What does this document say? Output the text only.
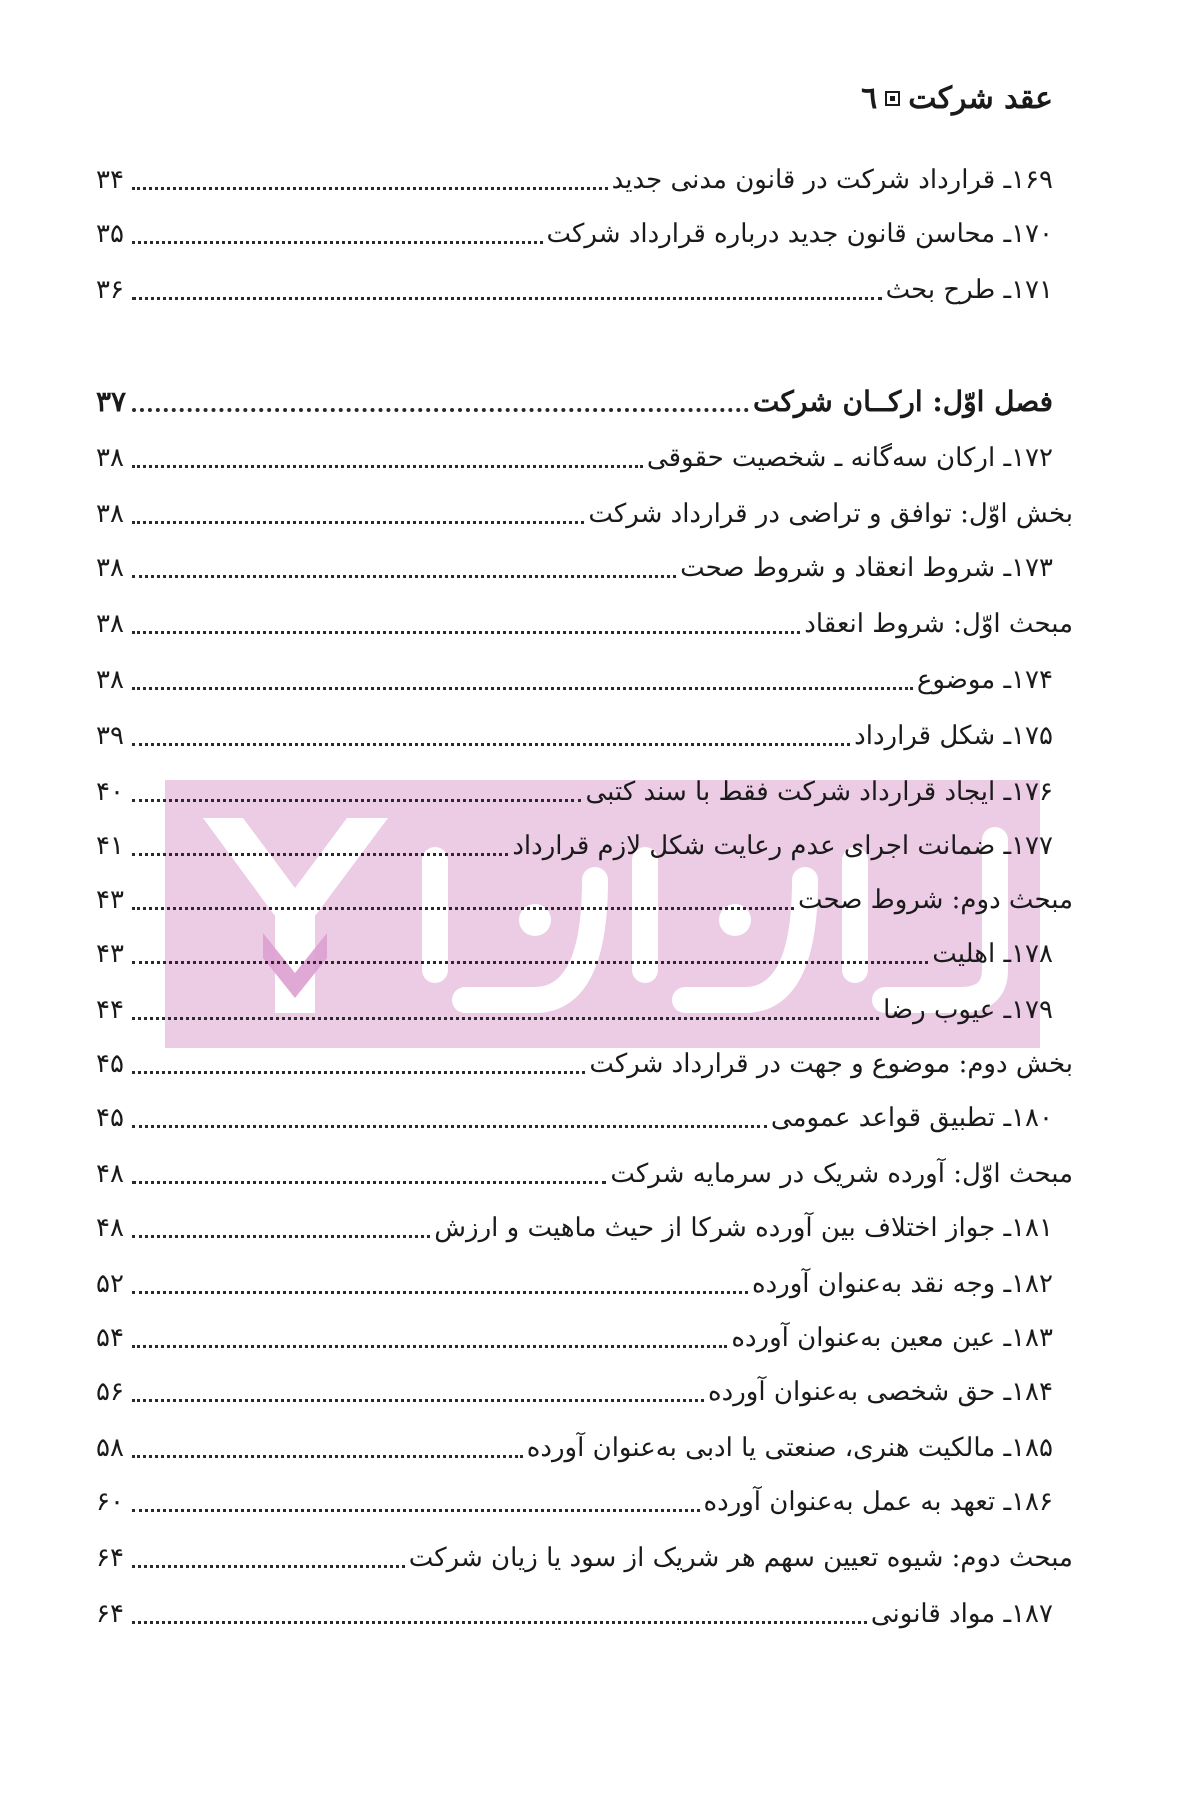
عقد شرکت
٦
۱۶۹ـ قرارداد شرکت در قانون مدنی جدید
۳۴
۱۷۰ـ محاسن قانون جدید درباره قرارداد شرکت
۳۵
۱۷۱ـ طرح بحث
۳۶
فصل اوّل: ارکــان شرکت
۳۷
۱۷۲ـ ارکان سه‌گانه ـ شخصیت حقوقی
۳۸
بخش اوّل: توافق و تراضی در قرارداد شرکت
۳۸
۱۷۳ـ شروط انعقاد و شروط صحت
۳۸
مبحث اوّل: شروط انعقاد
۳۸
۱۷۴ـ موضوع
۳۸
۱۷۵ـ شکل قرارداد
۳۹
۱۷۶ـ ایجاد قرارداد شرکت فقط با سند کتبی
۴۰
۱۷۷ـ ضمانت اجرای عدم رعایت شکل لازم قرارداد
۴۱
مبحث دوم: شروط صحت
۴۳
۱۷۸ـ اهلیت
۴۳
۱۷۹ـ عیوب رضا
۴۴
بخش دوم: موضوع و جهت در قرارداد شرکت
۴۵
۱۸۰ـ تطبیق قواعد عمومی
۴۵
مبحث اوّل: آورده شریک در سرمایه شرکت
۴۸
۱۸۱ـ جواز اختلاف بین آورده شرکا از حیث ماهیت و ارزش
۴۸
۱۸۲ـ وجه نقد به‌عنوان آورده
۵۲
۱۸۳ـ عین معین به‌عنوان آورده
۵۴
۱۸۴ـ حق شخصی به‌عنوان آورده
۵۶
۱۸۵ـ مالکیت هنری، صنعتی یا ادبی به‌عنوان آورده
۵۸
۱۸۶ـ تعهد به عمل به‌عنوان آورده
۶۰
مبحث دوم: شیوه تعیین سهم هر شریک از سود یا زیان شرکت
۶۴
۱۸۷ـ مواد قانونی
۶۴
